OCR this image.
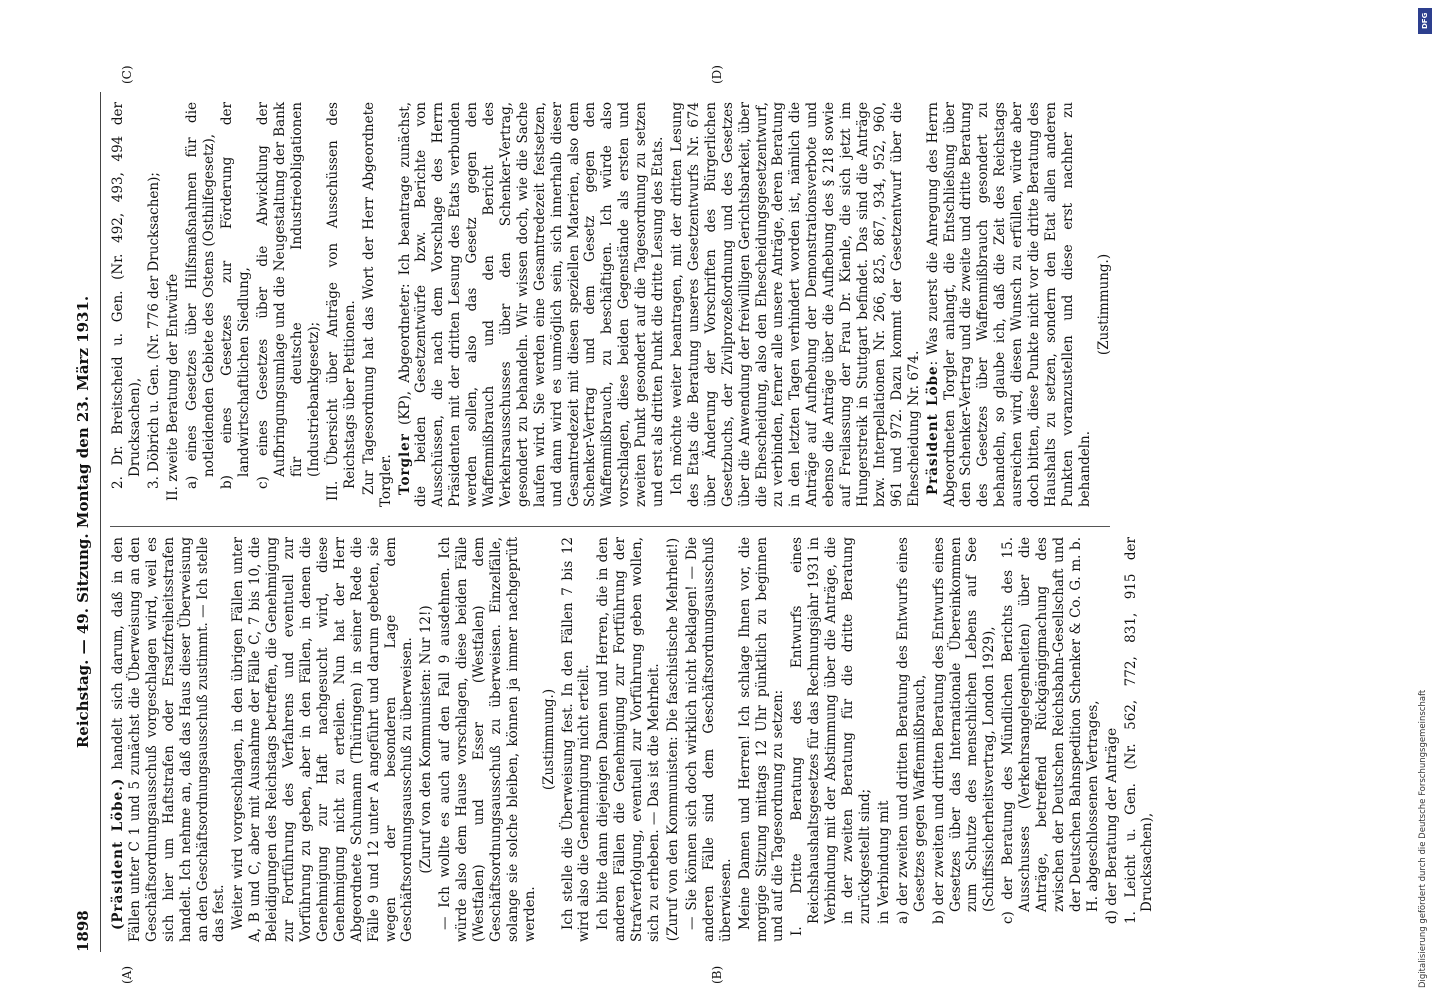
1898
Reichstag. — 49. Sitzung. Montag den 23. März 1931.

(Präsident Löbe.) handelt sich darum, daß in den Fällen unter C 1 und 5 zunächst die Überweisung an den Geschäftsordnungsausschuß vorgeschlagen wird, weil es sich hier um Haftstrafen oder Ersatzfreiheitsstrafen handelt. Ich nehme an, daß das Haus dieser Überweisung an den Geschäftsordnungsausschuß zustimmt. — Ich stelle das fest. Weiter wird vorgeschlagen, in den übrigen Fällen unter A, B und C, aber mit Ausnahme der Fälle C, 7 bis 10, die Beleidigungen des Reichstags betreffen, die Genehmigung zur Fortführung des Verfahrens und eventuell zur Vorführung zu geben, aber in den Fällen, in denen die Genehmigung zur Haft nachgesucht wird, diese Genehmigung nicht zu erteilen. Nun hat der Herr Abgeordnete Schumann (Thüringen) in seiner Rede die Fälle 9 und 12 unter A angeführt und darum gebeten, sie wegen der besonderen Lage dem Geschäftsordnungsausschuß zu überweisen. (Zuruf von den Kommunisten: Nur 12!) — Ich wollte es auch auf den Fall 9 ausdehnen. Ich würde also dem Hause vorschlagen, diese beiden Fälle (Westfalen) und Esser (Westfalen) dem Geschäftsordnungsausschuß zu überweisen. Einzelfälle, solange sie solche bleiben, können ja immer nachgeprüft werden.

(Zustimmung.) Ich stelle die Überweisung fest. In den Fällen 7 bis 12 wird also die Genehmigung nicht erteilt. Ich bitte dann diejenigen Damen und Herren, die in den anderen Fällen die Genehmigung zur Fortführung der Strafverfolgung, eventuell zur Vorführung geben wollen, sich zu erheben. — Das ist die Mehrheit. (Zuruf von den Kommunisten: Die faschistische Mehrheit!) — Sie können sich doch wirklich nicht beklagen! — Die anderen Fälle sind dem Geschäftsordnungsausschuß überwiesen. Meine Damen und Herren! Ich schlage Ihnen vor, die morgige Sitzung mittags 12 Uhr pünktlich zu beginnen und auf die Tagesordnung zu setzen: I. Dritte Beratung des Entwurfs eines Reichshaushaltsgesetzes für das Rechnungsjahr 1931 in Verbindung mit der Abstimmung über die Anträge, die in der zweiten Beratung für die dritte Beratung zurückgestellt sind; in Verbindung mit a) der zweiten und dritten Beratung des Entwurfs eines Gesetzes gegen Waffenmißbrauch, b) der zweiten und dritten Beratung des Entwurfs eines Gesetzes über das Internationale Übereinkommen zum Schutze des menschlichen Lebens auf See (Schiffssicherheitsvertrag, London 1929), c) der Beratung des Mündlichen Berichts des 15. Ausschusses (Verkehrsangelegenheiten) über die Anträge, betreffend Rückgängigmachung des zwischen der Deutschen Reichsbahn-Gesellschaft und der Deutschen Bahnspedition Schenker & Co. G. m. b. H. abgeschlossenen Vertrages, d) der Beratung der Anträge 1. Leicht u. Gen. (Nr. 562, 772, 831, 915 der Drucksachen),

2. Dr. Breitscheid u. Gen. (Nr. 492, 493, 494 der Drucksachen), 3. Döbrich u. Gen. (Nr. 776 der Drucksachen); II. zweite Beratung der Entwürfe a) eines Gesetzes über Hilfsmaßnahmen für die notleidenden Gebiete des Ostens (Osthilfegesetz), b) eines Gesetzes zur Förderung der landwirtschaftlichen Siedlung, c) eines Gesetzes über die Abwicklung der Aufbringungsumlage und die Neugestaltung der Bank für deutsche Industrieobligationen (Industriebankgesetz); III. Übersicht über Anträge von Ausschüssen des Reichstags über Petitionen. Zur Tagesordnung hat das Wort der Herr Abgeordnete Torgler. Torgler (KP), Abgeordneter: Ich beantrage zunächst, die beiden Gesetzentwürfe bzw. Berichte von Ausschüssen, die nach dem Vorschlage des Herrn Präsidenten mit der dritten Lesung des Etats verbunden werden sollen, also das Gesetz gegen den Waffenmißbrauch und den Bericht des Verkehrsausschusses über den Schenker-Vertrag, gesondert zu behandeln. Wir wissen doch, wie die Sache laufen wird. Sie werden eine Gesamtredezeit festsetzen, und dann wird es unmöglich sein, sich innerhalb dieser Gesamtredezeit mit diesen speziellen Materien, also dem Schenker-Vertrag und dem Gesetz gegen den Waffenmißbrauch, zu beschäftigen. Ich würde also vorschlagen, diese beiden Gegenstände als ersten und zweiten Punkt gesondert auf die Tagesordnung zu setzen und erst als dritten Punkt die dritte Lesung des Etats. Ich möchte weiter beantragen, mit der dritten Lesung des Etats die Beratung unseres Gesetzentwurfs Nr. 674 über Änderung der Vorschriften des Bürgerlichen Gesetzbuchs, der Zivilprozeßordnung und des Gesetzes über die Anwendung der freiwilligen Gerichtsbarkeit, über die Ehescheidung, also den Ehescheidungsgesetzentwurf, zu verbinden, ferner alle unsere Anträge, deren Beratung in den letzten Tagen verhindert worden ist, nämlich die Anträge auf Aufhebung der Demonstrationsverbote und ebenso die Anträge über die Aufhebung des § 218 sowie auf Freilassung der Frau Dr. Kienle, die sich jetzt im Hungerstreik in Stuttgart befindet. Das sind die Anträge bzw. Interpellationen Nr. 266, 825, 867, 934, 952, 960, 961 und 972. Dazu kommt der Gesetzentwurf über die Ehescheidung Nr. 674. Präsident Löbe: Was zuerst die Anregung des Herrn Abgeordneten Torgler anlangt, die Entschließung über den Schenker-Vertrag und die zweite und dritte Beratung des Gesetzes über Waffenmißbrauch gesondert zu behandeln, so glaube ich, daß die Zeit des Reichstags ausreichen wird, diesen Wunsch zu erfüllen, würde aber doch bitten, diese Punkte nicht vor die dritte Beratung des Haushalts zu setzen, sondern den Etat allen anderen Punkten voranzustellen und diese erst nachher zu behandeln.

(Zustimmung.)

(A)	(B)
(C)	(D)
DFG
Digitalisierung gefördert durch die Deutsche Forschungsgemeinschaft
